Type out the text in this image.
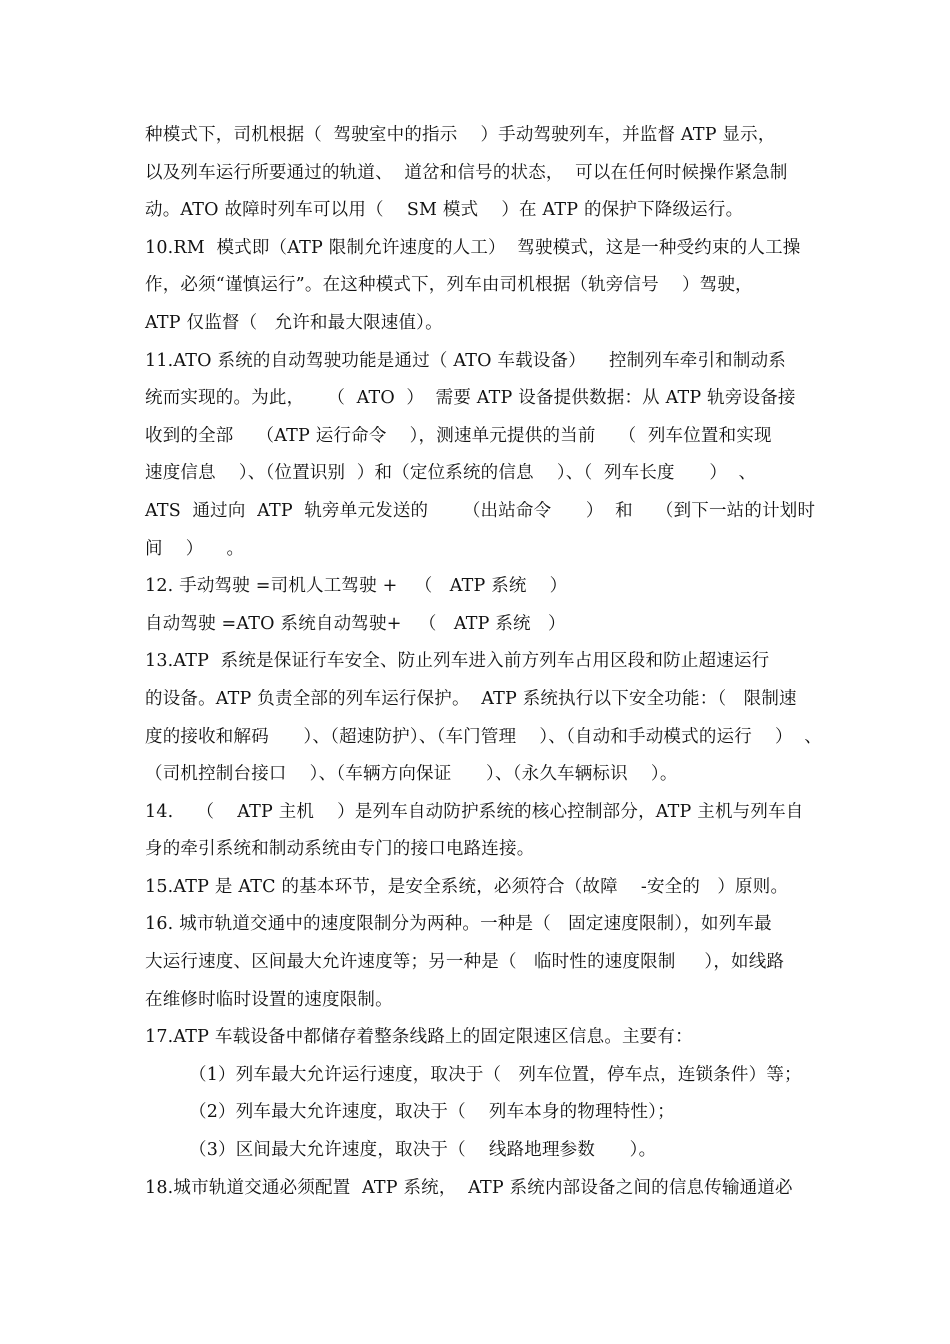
种模式下，司机根据（  驾驶室中的指示    ）手动驾驶列车，并监督 ATP 显示，
以及列车运行所要通过的轨道、  道岔和信号的状态，  可以在任何时候操作紧急制
动。ATO 故障时列车可以用（    SM 模式    ）在 ATP 的保护下降级运行。
10.RM  模式即（ATP 限制允许速度的人工）  驾驶模式，这是一种受约束的人工操
作，必须“谨慎运行”。在这种模式下，列车由司机根据（轨旁信号    ）驾驶，
ATP 仅监督（   允许和最大限速值）。
11.ATO 系统的自动驾驶功能是通过（ ATO 车载设备）    控制列车牵引和制动系
统而实现的。为此，    （  ATO  ）  需要 ATP 设备提供数据：从 ATP 轨旁设备接
收到的全部    （ATP 运行命令    ），测速单元提供的当前    （  列车位置和实现
速度信息    ）、（位置识别  ）和（定位系统的信息    ）、（  列车长度      ）  、
ATS  通过向  ATP  轨旁单元发送的      （出站命令      ）  和    （到下一站的计划时
间    ）    。
12. 手动驾驶 =司机人工驾驶 +   （   ATP 系统    ）
自动驾驶 =ATO 系统自动驾驶+   （   ATP 系统   ）
13.ATP  系统是保证行车安全、防止列车进入前方列车占用区段和防止超速运行
的设备。ATP 负责全部的列车运行保护。  ATP 系统执行以下安全功能：（   限制速
度的接收和解码      ）、（超速防护）、（车门管理    ）、（自动和手动模式的运行    ）  、
（司机控制台接口    ）、（车辆方向保证      ）、（永久车辆标识    ）。
14.    （    ATP 主机    ）是列车自动防护系统的核心控制部分，ATP 主机与列车自
身的牵引系统和制动系统由专门的接口电路连接。
15.ATP 是 ATC 的基本环节，是安全系统，必须符合（故障    -安全的   ）原则。
16. 城市轨道交通中的速度限制分为两种。一种是（   固定速度限制），如列车最
大运行速度、区间最大允许速度等；另一种是（   临时性的速度限制     ），如线路
在维修时临时设置的速度限制。
17.ATP 车载设备中都储存着整条线路上的固定限速区信息。主要有：
（1）列车最大允许运行速度，取决于（   列车位置，停车点，连锁条件）等；
（2）列车最大允许速度，取决于（    列车本身的物理特性）；
（3）区间最大允许速度，取决于（    线路地理参数      ）。
18.城市轨道交通必须配置  ATP 系统，  ATP 系统内部设备之间的信息传输通道必
